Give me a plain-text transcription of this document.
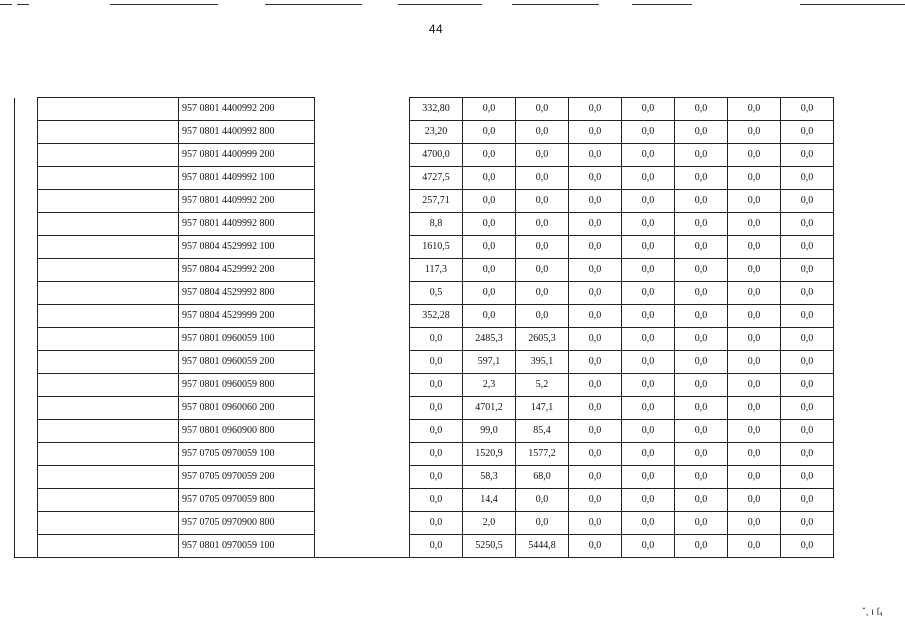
44
		957 0801 4400992 200		332,80	0,0	0,0	0,0	0,0	0,0	0,0	0,0
		957 0801 4400992 800		23,20	0,0	0,0	0,0	0,0	0,0	0,0	0,0
		957 0801 4400999 200		4700,0	0,0	0,0	0,0	0,0	0,0	0,0	0,0
		957 0801 4409992 100		4727,5	0,0	0,0	0,0	0,0	0,0	0,0	0,0
		957 0801 4409992 200		257,71	0,0	0,0	0,0	0,0	0,0	0,0	0,0
		957 0801 4409992 800		8,8	0,0	0,0	0,0	0,0	0,0	0,0	0,0
		957 0804 4529992 100		1610,5	0,0	0,0	0,0	0,0	0,0	0,0	0,0
		957 0804 4529992 200		117,3	0,0	0,0	0,0	0,0	0,0	0,0	0,0
		957 0804 4529992 800		0,5	0,0	0,0	0,0	0,0	0,0	0,0	0,0
		957 0804 4529999 200		352,28	0,0	0,0	0,0	0,0	0,0	0,0	0,0
		957 0801 0960059 100		0,0	2485,3	2605,3	0,0	0,0	0,0	0,0	0,0
		957 0801 0960059 200		0,0	597,1	395,1	0,0	0,0	0,0	0,0	0,0
		957 0801 0960059 800		0,0	2,3	5,2	0,0	0,0	0,0	0,0	0,0
		957 0801 0960060 200		0,0	4701,2	147,1	0,0	0,0	0,0	0,0	0,0
		957 0801 0960900 800		0,0	99,0	85,4	0,0	0,0	0,0	0,0	0,0
		957 0705 0970059 100		0,0	1520,9	1577,2	0,0	0,0	0,0	0,0	0,0
		957 0705 0970059 200		0,0	58,3	68,0	0,0	0,0	0,0	0,0	0,0
		957 0705 0970059 800		0,0	14,4	0,0	0,0	0,0	0,0	0,0	0,0
		957 0705 0970900 800		0,0	2,0	0,0	0,0	0,0	0,0	0,0	0,0
		957 0801 0970059 100		0,0	5250,5	5444,8	0,0	0,0	0,0	0,0	0,0
ˇ, ı ſ₄
